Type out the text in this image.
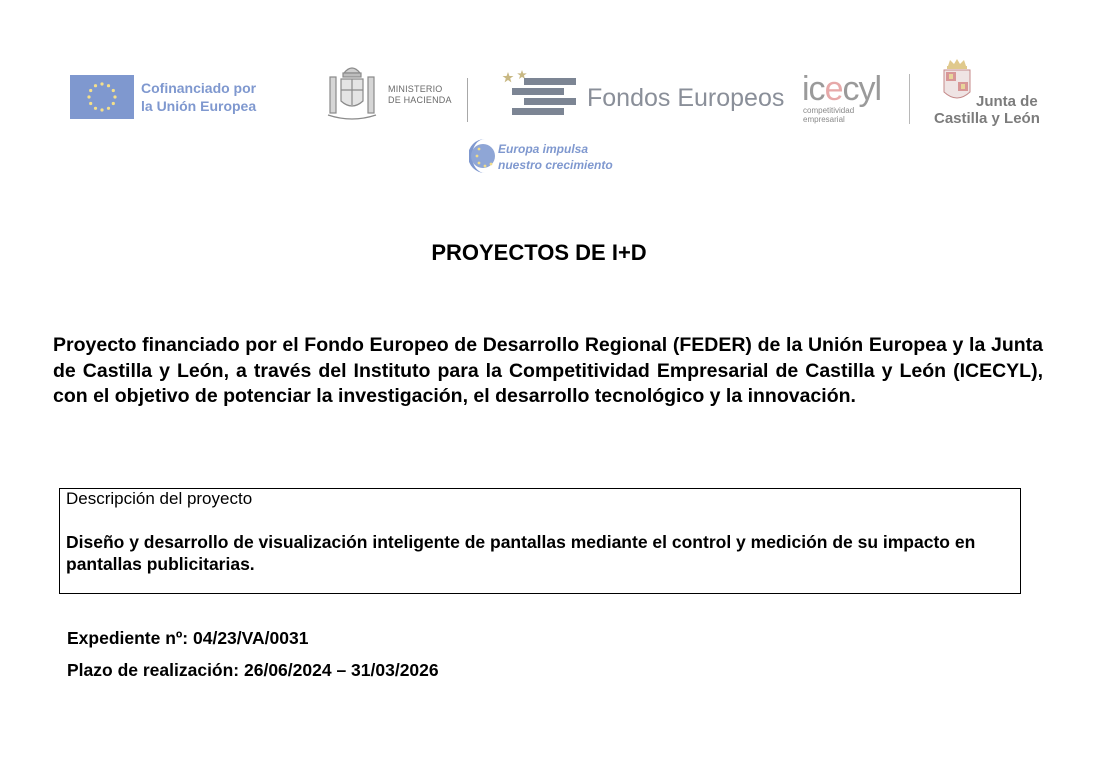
Cofinanciado por
la Unión Europea
MINISTERIO
DE HACIENDA	Fondos Europeos icecyl
competitividad
empresarial
Junta de
Castilla y León
Europa impulsa
nuestro crecimiento
PROYECTOS DE I+D
Proyecto financiado por el Fondo Europeo de Desarrollo Regional (FEDER) de la Unión Europea y la Junta de Castilla y León, a través del Instituto para la Competitividad Empresarial de Castilla y León (ICECYL), con el objetivo de potenciar la investigación, el desarrollo tecnológico y la innovación.
Descripción del proyecto
Diseño y desarrollo de visualización inteligente de pantallas mediante el control y medición de su impacto en pantallas publicitarias.
Expediente nº: 04/23/VA/0031
Plazo de realización: 26/06/2024 – 31/03/2026
